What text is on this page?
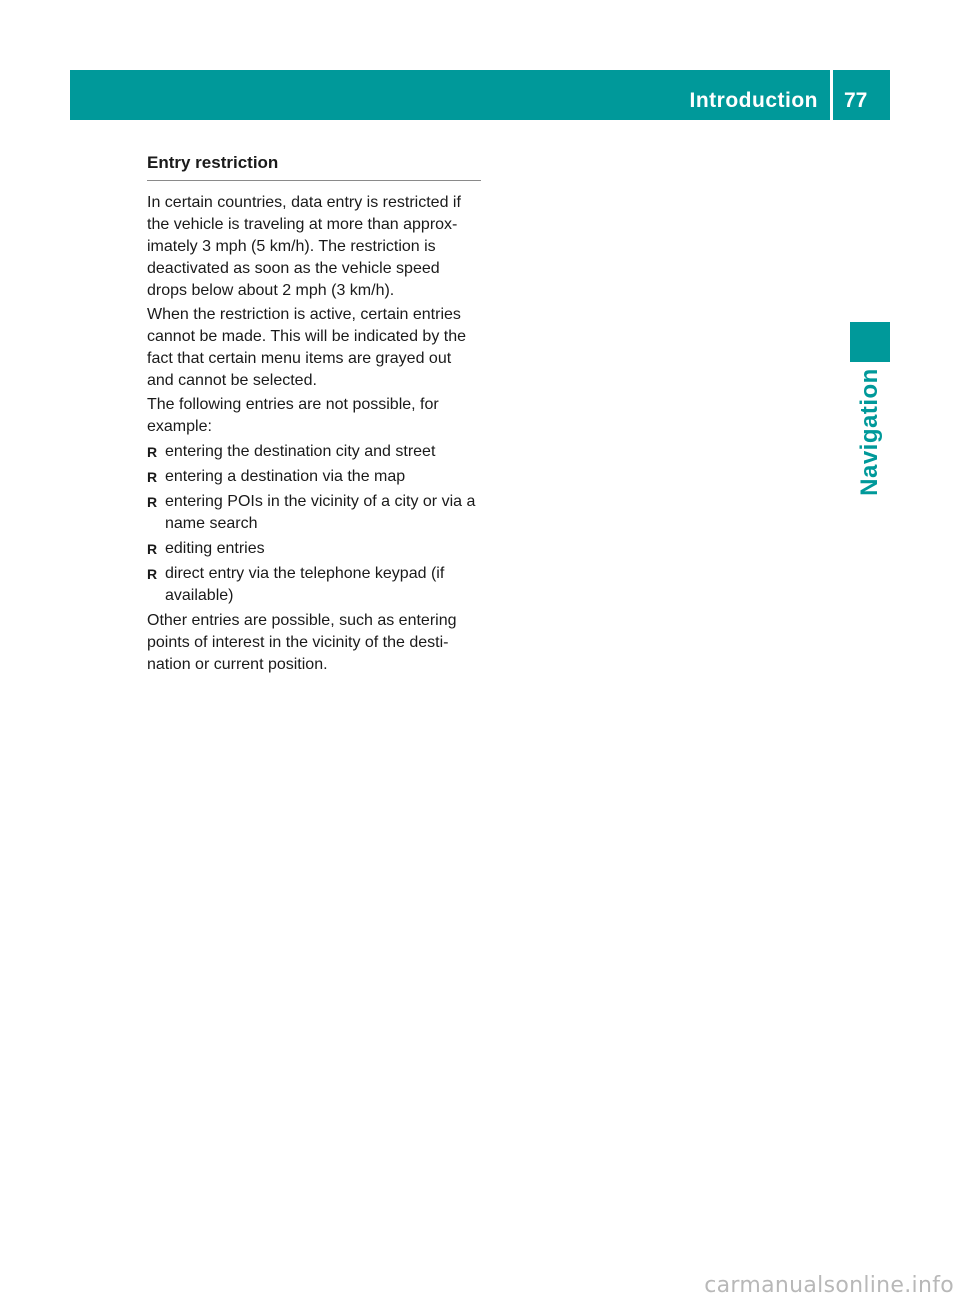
Introduction 77
Navigation
Entry restriction

In certain countries, data entry is restricted if the vehicle is traveling at more than approx- imately 3 mph (5 km/h). The restriction is deactivated as soon as the vehicle speed drops below about 2 mph (3 km/h).

When the restriction is active, certain entries cannot be made. This will be indicated by the fact that certain menu items are grayed out and cannot be selected.

The following entries are not possible, for example:

R entering the destination city and street
R entering a destination via the map
R entering POIs in the vicinity of a city or via a name search
R editing entries
R direct entry via the telephone keypad (if available)

Other entries are possible, such as entering points of interest in the vicinity of the desti- nation or current position.

carmanualsonline.info
